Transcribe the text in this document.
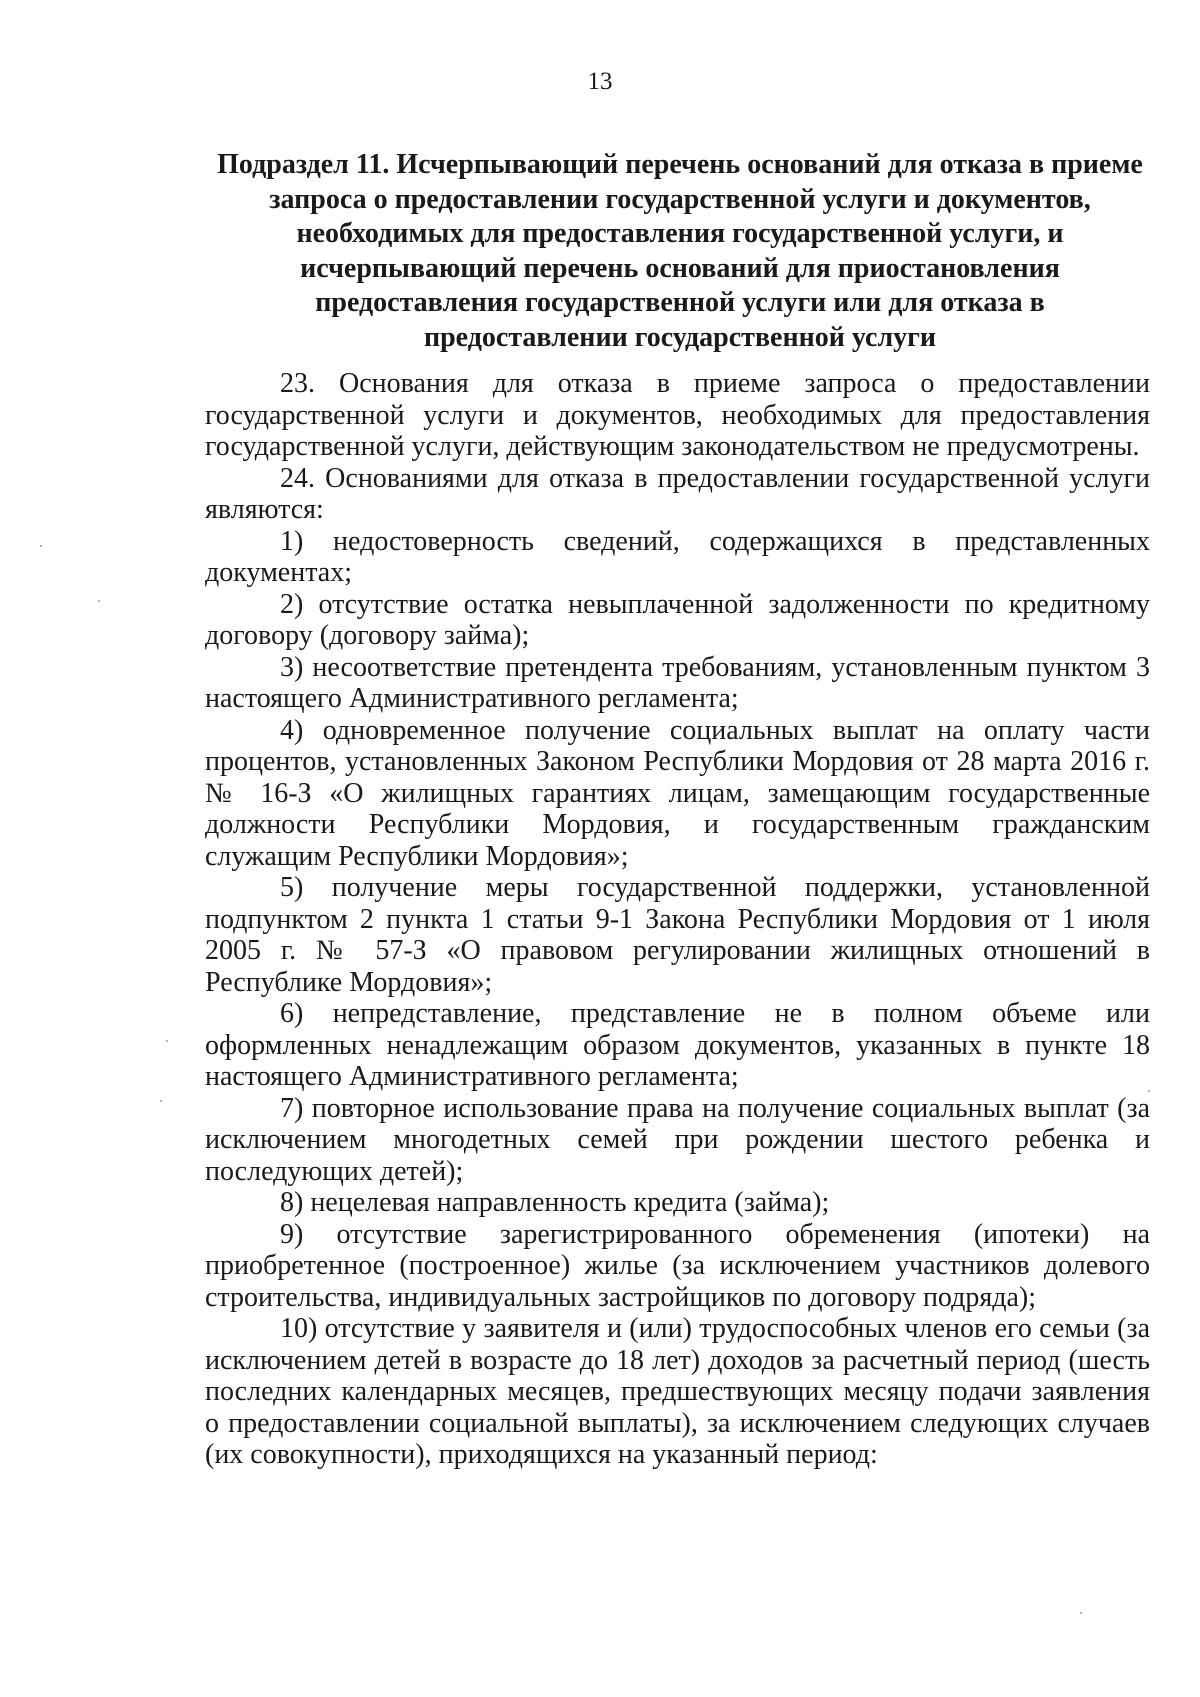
13
Подраздел 11. Исчерпывающий перечень оснований для отказа в приеме запроса о предоставлении государственной услуги и документов, необходимых для предоставления государственной услуги, и исчерпывающий перечень оснований для приостановления предоставления государственной услуги или для отказа в предоставлении государственной услуги

23. Основания для отказа в приеме запроса о предоставлении государственной услуги и документов, необходимых для предоставления государственной услуги, действующим законодательством не предусмотрены.

24. Основаниями для отказа в предоставлении государственной услуги являются:

1) недостоверность сведений, содержащихся в представленных документах;

2) отсутствие остатка невыплаченной задолженности по кредитному договору (договору займа);

3) несоответствие претендента требованиям, установленным пунктом 3 настоящего Административного регламента;

4) одновременное получение социальных выплат на оплату части процентов, установленных Законом Республики Мордовия от 28 марта 2016 г. № 16-З «О жилищных гарантиях лицам, замещающим государственные должности Республики Мордовия, и государственным гражданским служащим Республики Мордовия»;

5) получение меры государственной поддержки, установленной подпунктом 2 пункта 1 статьи 9-1 Закона Республики Мордовия от 1 июля 2005 г. № 57-З «О правовом регулировании жилищных отношений в Республике Мордовия»;

6) непредставление, представление не в полном объеме или оформленных ненадлежащим образом документов, указанных в пункте 18 настоящего Административного регламента;

7) повторное использование права на получение социальных выплат (за исключением многодетных семей при рождении шестого ребенка и последующих детей);

8) нецелевая направленность кредита (займа);

9) отсутствие зарегистрированного обременения (ипотеки) на приобретенное (построенное) жилье (за исключением участников долевого строительства, индивидуальных застройщиков по договору подряда);

10) отсутствие у заявителя и (или) трудоспособных членов его семьи (за исключением детей в возрасте до 18 лет) доходов за расчетный период (шесть последних календарных месяцев, предшествующих месяцу подачи заявления о предоставлении социальной выплаты), за исключением следующих случаев (их совокупности), приходящихся на указанный период:
